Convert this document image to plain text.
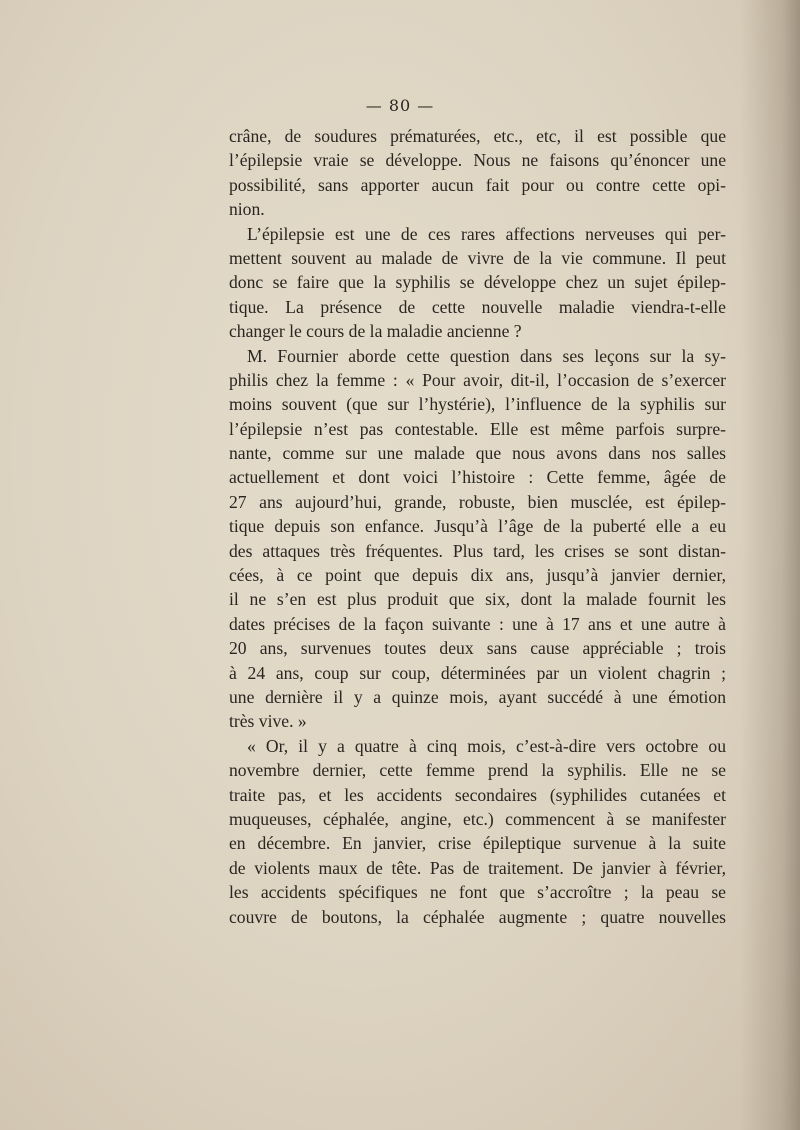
— 80 —
crâne, de soudures prématurées, etc., etc, il est possible que
l’épilepsie vraie se développe. Nous ne faisons qu’énoncer une
possibilité, sans apporter aucun fait pour ou contre cette opi-
nion.
L’épilepsie est une de ces rares affections nerveuses qui per-
mettent souvent au malade de vivre de la vie commune. Il peut
donc se faire que la syphilis se développe chez un sujet épilep-
tique. La présence de cette nouvelle maladie viendra-t-elle
changer le cours de la maladie ancienne ?
M. Fournier aborde cette question dans ses leçons sur la sy-
philis chez la femme : « Pour avoir, dit-il, l’occasion de s’exercer
moins souvent (que sur l’hystérie), l’influence de la syphilis sur
l’épilepsie n’est pas contestable. Elle est même parfois surpre-
nante, comme sur une malade que nous avons dans nos salles
actuellement et dont voici l’histoire : Cette femme, âgée de
27 ans aujourd’hui, grande, robuste, bien musclée, est épilep-
tique depuis son enfance. Jusqu’à l’âge de la puberté elle a eu
des attaques très fréquentes. Plus tard, les crises se sont distan-
cées, à ce point que depuis dix ans, jusqu’à janvier dernier,
il ne s’en est plus produit que six, dont la malade fournit les
dates précises de la façon suivante : une à 17 ans et une autre à
20 ans, survenues toutes deux sans cause appréciable ; trois
à 24 ans, coup sur coup, déterminées par un violent chagrin ;
une dernière il y a quinze mois, ayant succédé à une émotion
très vive. »
« Or, il y a quatre à cinq mois, c’est-à-dire vers octobre ou
novembre dernier, cette femme prend la syphilis. Elle ne se
traite pas, et les accidents secondaires (syphilides cutanées et
muqueuses, céphalée, angine, etc.) commencent à se manifester
en décembre. En janvier, crise épileptique survenue à la suite
de violents maux de tête. Pas de traitement. De janvier à février,
les accidents spécifiques ne font que s’accroître ; la peau se
couvre de boutons, la céphalée augmente ; quatre nouvelles
